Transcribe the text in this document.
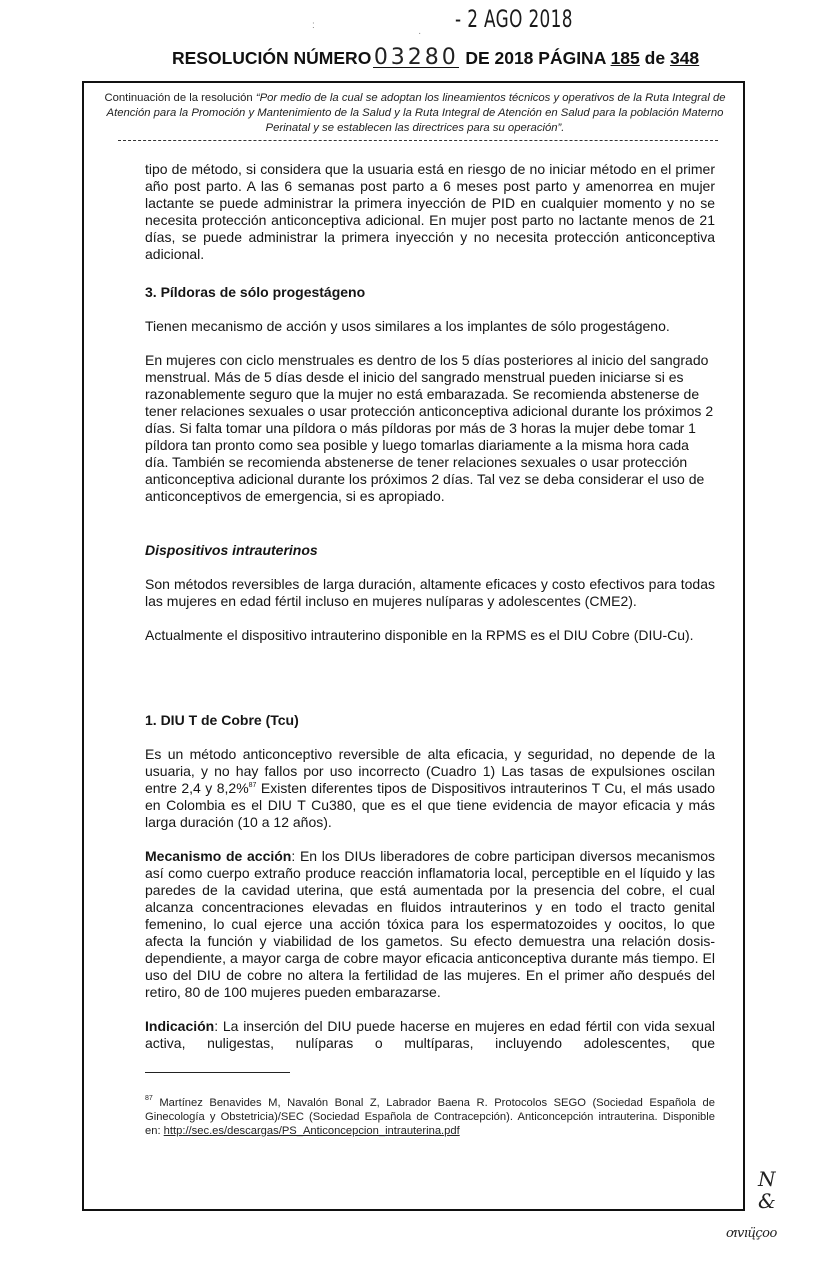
- 2 AGO 2018
:
·
RESOLUCIÓN NÚMERO 03280 DE 2018 PÁGINA 185 de 348
Continuación de la resolución “Por medio de la cual se adoptan los lineamientos técnicos y operativos de la Ruta Integral de Atención para la Promoción y Mantenimiento de la Salud y la Ruta Integral de Atención en Salud para la población Materno Perinatal y se establecen las directrices para su operación”.

tipo de método, si considera que la usuaria está en riesgo de no iniciar método en el primer año post parto. A las 6 semanas post parto a 6 meses post parto y amenorrea en mujer lactante se puede administrar la primera inyección de PID en cualquier momento y no se necesita protección anticonceptiva adicional. En mujer post parto no lactante menos de 21 días, se puede administrar la primera inyección y no necesita protección anticonceptiva adicional.

3. Píldoras de sólo progestágeno

Tienen mecanismo de acción y usos similares a los implantes de sólo progestágeno.

En mujeres con ciclo menstruales es dentro de los 5 días posteriores al inicio del sangrado menstrual. Más de 5 días desde el inicio del sangrado menstrual pueden iniciarse si es razonablemente seguro que la mujer no está embarazada. Se recomienda abstenerse de tener relaciones sexuales o usar protección anticonceptiva adicional durante los próximos 2 días. Si falta tomar una píldora o más píldoras por más de 3 horas la mujer debe tomar 1 píldora tan pronto como sea posible y luego tomarlas diariamente a la misma hora cada día. También se recomienda abstenerse de tener relaciones sexuales o usar protección anticonceptiva adicional durante los próximos 2 días. Tal vez se deba considerar el uso de anticonceptivos de emergencia, si es apropiado.

Dispositivos intrauterinos

Son métodos reversibles de larga duración, altamente eficaces y costo efectivos para todas las mujeres en edad fértil incluso en mujeres nulíparas y adolescentes (CME2).

Actualmente el dispositivo intrauterino disponible en la RPMS es el DIU Cobre (DIU-Cu).

1. DIU T de Cobre (Tcu)

Es un método anticonceptivo reversible de alta eficacia, y seguridad, no depende de la usuaria, y no hay fallos por uso incorrecto (Cuadro 1) Las tasas de expulsiones oscilan entre 2,4 y 8,2%$^{87}$ Existen diferentes tipos de Dispositivos intrauterinos T Cu, el más usado en Colombia es el DIU T Cu380, que es el que tiene evidencia de mayor eficacia y más larga duración (10 a 12 años).

Mecanismo de acción: En los DIUs liberadores de cobre participan diversos mecanismos así como cuerpo extraño produce reacción inflamatoria local, perceptible en el líquido y las paredes de la cavidad uterina, que está aumentada por la presencia del cobre, el cual alcanza concentraciones elevadas en fluidos intrauterinos y en todo el tracto genital femenino, lo cual ejerce una acción tóxica para los espermatozoides y oocitos, lo que afecta la función y viabilidad de los gametos. Su efecto demuestra una relación dosis-dependiente, a mayor carga de cobre mayor eficacia anticonceptiva durante más tiempo. El uso del DIU de cobre no altera la fertilidad de las mujeres. En el primer año después del retiro, 80 de 100 mujeres pueden embarazarse.

Indicación: La inserción del DIU puede hacerse en mujeres en edad fértil con vida sexual activa, nuligestas, nulíparas o multíparas, incluyendo adolescentes, que

$^{87}$ Martínez Benavides M, Navalón Bonal Z, Labrador Baena R. Protocolos SEGO (Sociedad Española de Ginecología y Obstetricia)/SEC (Sociedad Española de Contracepción). Anticoncepción intrauterina. Disponible en: http://sec.es/descargas/PS_Anticoncepcion_intrauterina.pdf
N
&
ơıvıų̈çoo
